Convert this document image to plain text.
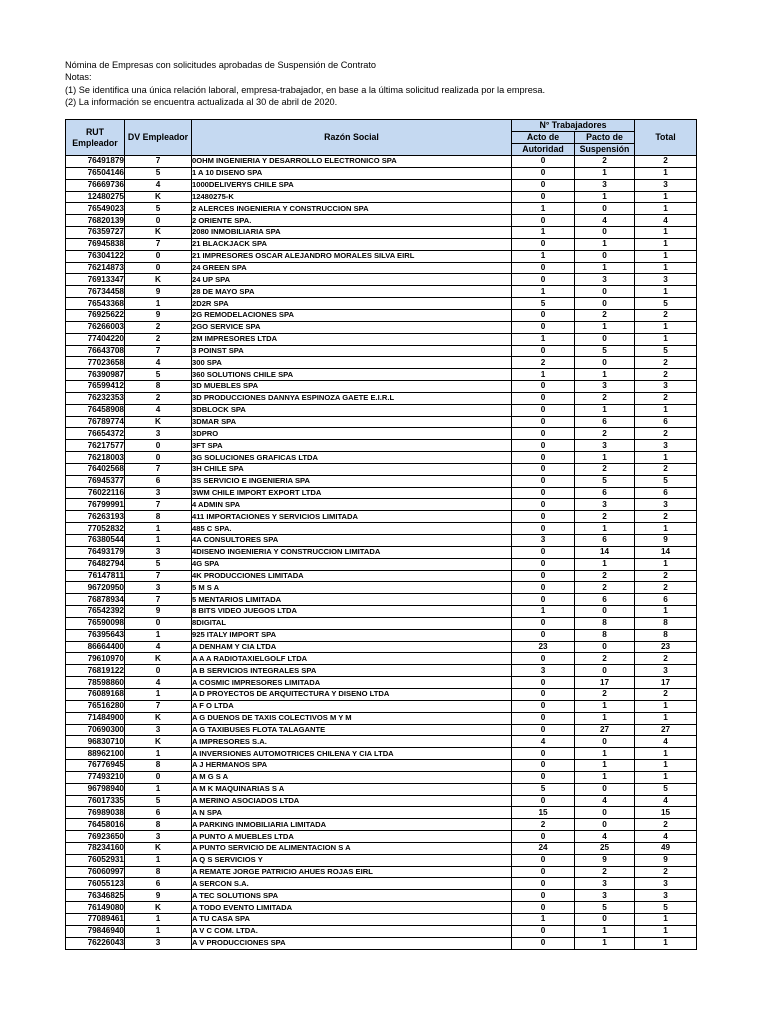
Nómina de Empresas con solicitudes aprobadas de Suspensión de Contrato
Notas:
(1) Se identifica una única relación laboral, empresa-trabajador, en base a la última solicitud realizada por la empresa.
(2) La información se encuentra actualizada al 30 de abril de 2020.
RUT Empleador	DV Empleador	Razón Social	N° Trabajadores		Total
			Acto de	Pacto de	
			Autoridad	Suspensión	
76491879	7	0OHM INGENIERIA Y DESARROLLO ELECTRONICO SPA	0	2	2
76504146	5	1 A 10 DISENO SPA	0	1	1
76669736	4	1000DELIVERYS CHILE SPA	0	3	3
12480275	K	12480275-K	0	1	1
76549023	5	2 ALERCES INGENIERIA Y CONSTRUCCION SPA	1	0	1
76820139	0	2 ORIENTE SPA.	0	4	4
76359727	K	2080 INMOBILIARIA SPA	1	0	1
76945838	7	21 BLACKJACK SPA	0	1	1
76304122	0	21 IMPRESORES OSCAR ALEJANDRO MORALES SILVA EIRL	1	0	1
76214873	0	24 GREEN SPA	0	1	1
76913347	K	24 UP SPA	0	3	3
76734458	9	28 DE MAYO SPA	1	0	1
76543368	1	2D2R SPA	5	0	5
76925622	9	2G REMODELACIONES SPA	0	2	2
76266003	2	2GO SERVICE SPA	0	1	1
77404220	2	2M IMPRESORES LTDA	1	0	1
76643708	7	3 POINST SPA	0	5	5
77023658	4	300 SPA	2	0	2
76390987	5	360 SOLUTIONS CHILE SPA	1	1	2
76599412	8	3D MUEBLES SPA	0	3	3
76232353	2	3D PRODUCCIONES DANNYA ESPINOZA GAETE E.I.R.L	0	2	2
76458908	4	3DBLOCK SPA	0	1	1
76789774	K	3DMAR SPA	0	6	6
76654372	3	3DPRO	0	2	2
76217577	0	3FT SPA	0	3	3
76218003	0	3G SOLUCIONES GRAFICAS LTDA	0	1	1
76402568	7	3H CHILE SPA	0	2	2
76945377	6	3S SERVICIO E INGENIERIA SPA	0	5	5
76022116	3	3WM CHILE IMPORT EXPORT LTDA	0	6	6
76799991	7	4 ADMIN SPA	0	3	3
76263193	8	411 IMPORTACIONES Y SERVICIOS LIMITADA	0	2	2
77052832	1	485 C SPA.	0	1	1
76380544	1	4A CONSULTORES SPA	3	6	9
76493179	3	4DISENO INGENIERIA Y CONSTRUCCION LIMITADA	0	14	14
76482794	5	4G SPA	0	1	1
76147811	7	4K PRODUCCIONES LIMITADA	0	2	2
96720950	3	5 M S A	0	2	2
76878934	7	5 MENTARIOS LIMITADA	0	6	6
76542392	9	8 BITS VIDEO JUEGOS LTDA	1	0	1
76590098	0	8DIGITAL	0	8	8
76395643	1	925 ITALY IMPORT SPA	0	8	8
86664400	4	A DENHAM Y CIA LTDA	23	0	23
79610970	K	A A A RADIOTAXIELGOLF LTDA	0	2	2
76819122	0	A B SERVICIOS INTEGRALES SPA	3	0	3
78598860	4	A COSMIC IMPRESORES LIMITADA	0	17	17
76089168	1	A D PROYECTOS DE ARQUITECTURA Y DISENO LTDA	0	2	2
76516280	7	A F O LTDA	0	1	1
71484900	K	A G DUENOS DE TAXIS COLECTIVOS M Y M	0	1	1
70690300	3	A G TAXIBUSES FLOTA TALAGANTE	0	27	27
96830710	K	A IMPRESORES S.A.	4	0	4
88962100	1	A INVERSIONES AUTOMOTRICES CHILENA Y CIA LTDA	0	1	1
76776945	8	A J HERMANOS SPA	0	1	1
77493210	0	A M G S A	0	1	1
96798940	1	A M K MAQUINARIAS S A	5	0	5
76017335	5	A MERINO ASOCIADOS LTDA	0	4	4
76989038	6	A N SPA	15	0	15
76458016	8	A PARKING INMOBILIARIA LIMITADA	2	0	2
76923650	3	A PUNTO A MUEBLES LTDA	0	4	4
78234160	K	A PUNTO SERVICIO DE ALIMENTACION S A	24	25	49
76052931	1	A Q S SERVICIOS Y	0	9	9
76060997	8	A REMATE JORGE PATRICIO AHUES ROJAS EIRL	0	2	2
76055123	6	A SERCON S.A.	0	3	3
76346825	9	A TEC SOLUTIONS SPA	0	3	3
76149080	K	A TODO EVENTO LIMITADA	0	5	5
77089461	1	A TU CASA SPA	1	0	1
79846940	1	A V C COM. LTDA.	0	1	1
76226043	3	A V PRODUCCIONES SPA	0	1	1
